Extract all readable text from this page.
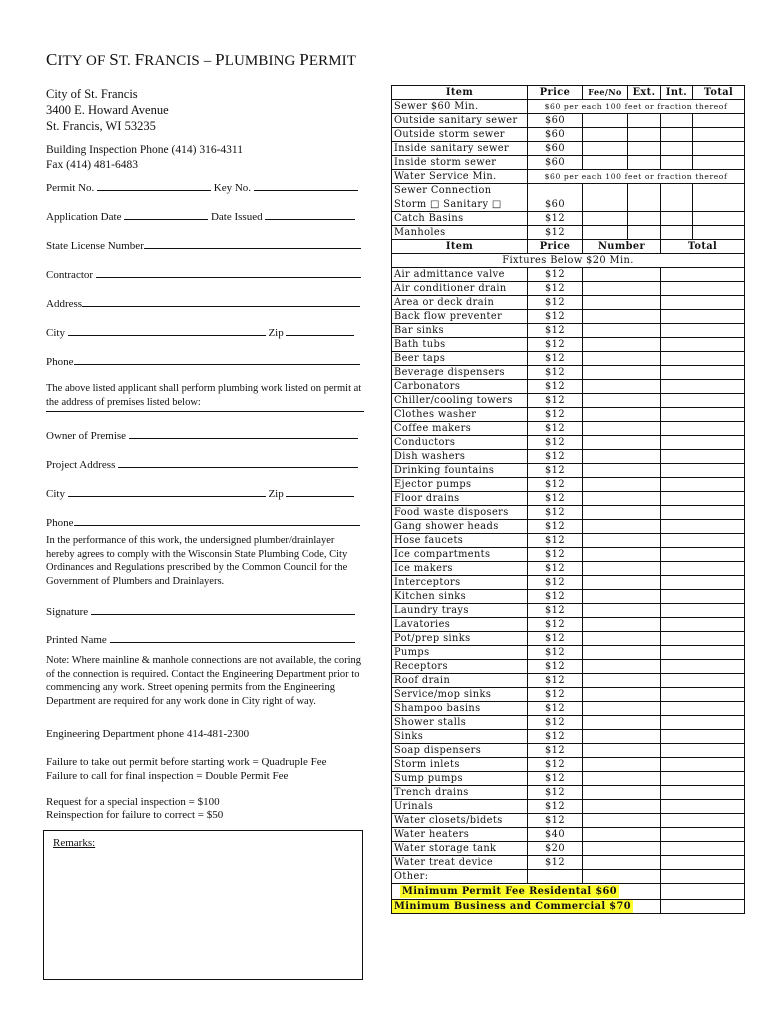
CITY OF ST. FRANCIS – PLUMBING PERMIT
City of St. Francis
3400 E. Howard Avenue
St. Francis, WI 53235
Building Inspection Phone (414) 316-4311
Fax (414) 481-6483
Permit No.	Key No.
Application Date	Date Issued
State License Number
Contractor
Address
City	Zip
Phone
The above listed applicant shall perform plumbing work listed on permit at the address of premises listed below:
Owner of Premise
Project Address
City	Zip
Phone
In the performance of this work, the undersigned plumber/drainlayer hereby agrees to comply with the Wisconsin State Plumbing Code, City Ordinances and Regulations prescribed by the Common Council for the Government of Plumbers and Drainlayers.
Signature
Printed Name
Note: Where mainline & manhole connections are not available, the coring of the connection is required. Contact the Engineering Department prior to commencing any work. Street opening permits from the Engineering Department are required for any work done in City right of way.
Engineering Department phone 414-481-2300
Failure to take out permit before starting work = Quadruple Fee
Failure to call for final inspection = Double Permit Fee
Request for a special inspection = $100
Reinspection for failure to correct = $50
Remarks:
Item	Price	Fee/No	Ext.	Int.	Total
Sewer $60 Min.	$60 per each 100 feet or fraction thereof				
Outside sanitary sewer	$60				
Outside storm sewer	$60				
Inside sanitary sewer	$60				
Inside storm sewer	$60				
Water Service Min.	$60 per each 100 feet or fraction thereof				

Sewer Connection
Storm □ Sanitary □	$60				
Catch Basins	$12				
Manholes	$12				
Item	Price	Number		Total	
Fixtures Below $20 Min.					
Air admittance valve	$12				
Air conditioner drain	$12				
Area or deck drain	$12				
Back flow preventer	$12				
Bar sinks	$12				
Bath tubs	$12				
Beer taps	$12				
Beverage dispensers	$12				
Carbonators	$12				
Chiller/cooling towers	$12				
Clothes washer	$12				
Coffee makers	$12				
Conductors	$12				
Dish washers	$12				
Drinking fountains	$12				
Ejector pumps	$12				
Floor drains	$12				
Food waste disposers	$12				
Gang shower heads	$12				
Hose faucets	$12				
Ice compartments	$12				
Ice makers	$12				
Interceptors	$12				
Kitchen sinks	$12				
Laundry trays	$12				
Lavatories	$12				
Pot/prep sinks	$12				
Pumps	$12				
Receptors	$12				
Roof drain	$12				
Service/mop sinks	$12				
Shampoo basins	$12				
Shower stalls	$12				
Sinks	$12				
Soap dispensers	$12				
Storm inlets	$12				
Sump pumps	$12				
Trench drains	$12				
Urinals	$12				
Water closets/bidets	$12				
Water heaters	$40				
Water storage tank	$20				
Water treat device	$12				
Other:					
Minimum Permit Fee Residental $60					
Minimum Business and Commercial $70					
